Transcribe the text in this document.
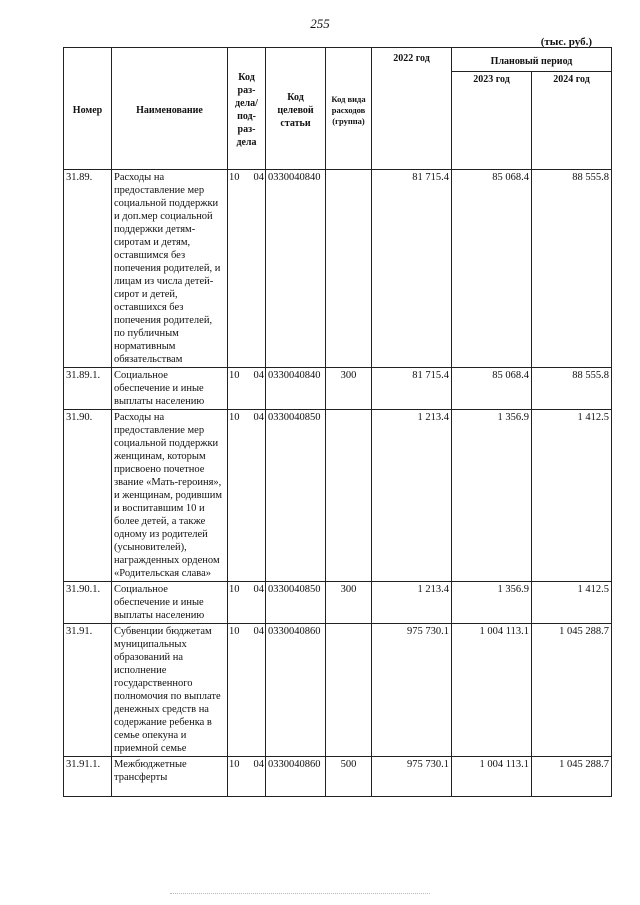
255
(тыс. руб.)
Номер	Наименование	Код раз-дела/ под-раз-дела	Код целевой статьи	Код вида расходов (группа)	2022 год	Плановый период	
						2023 год	2024 год
31.89.	Расходы на предоставление мер социальной поддержки и доп.мер социальной поддержки детям-сиротам и детям, оставшимся без попечения родителей, и лицам из числа детей-сирот и детей, оставшихся без попечения родителей, по публичным нормативным обязательствам	10 04	0330040840		81 715.4	85 068.4	88 555.8
31.89.1.	Социальное обеспечение и иные выплаты населению	10 04	0330040840	300	81 715.4	85 068.4	88 555.8
31.90.	Расходы на предоставление мер социальной поддержки женщинам, которым присвоено почетное звание «Мать-героиня», и женщинам, родившим и воспитавшим 10 и более детей, а также одному из родителей (усыновителей), награжденных орденом «Родительская слава»	10 04	0330040850		1 213.4	1 356.9	1 412.5
31.90.1.	Социальное обеспечение и иные выплаты населению	10 04	0330040850	300	1 213.4	1 356.9	1 412.5
31.91.	Субвенции бюджетам муниципальных образований на исполнение государственного полномочия по выплате денежных средств на содержание ребенка в семье опекуна и приемной семье	10 04	0330040860		975 730.1	1 004 113.1	1 045 288.7
31.91.1.	Межбюджетные трансферты	10 04	0330040860	500	975 730.1	1 004 113.1	1 045 288.7
